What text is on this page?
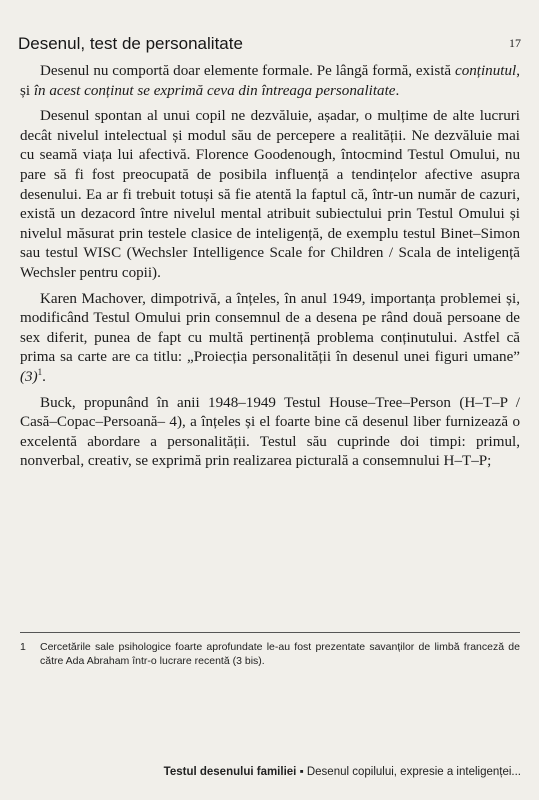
Desenul, test de personalitate	17

Desenul nu comportă doar elemente formale. Pe lângă formă, există conținutul, și în acest conținut se exprimă ceva din întreaga personalitate.

Desenul spontan al unui copil ne dezvăluie, așadar, o mulțime de alte lucruri decât nivelul intelectual și modul său de percepere a realității. Ne dezvăluie mai cu seamă viața lui afectivă. Florence Goodenough, întocmind Testul Omului, nu pare să fi fost preocupată de posibila influență a tendințelor afective asupra desenului. Ea ar fi trebuit totuși să fie atentă la faptul că, într-un număr de cazuri, există un dezacord între nivelul mental atribuit subiectului prin Testul Omului și nivelul măsurat prin testele clasice de inteligență, de exemplu testul Binet–Simon sau testul WISC (Wechsler Intelligence Scale for Children / Scala de inteligență Wechsler pentru copii).

Karen Machover, dimpotrivă, a înțeles, în anul 1949, importanța problemei și, modificând Testul Omului prin consemnul de a desena pe rând două persoane de sex diferit, punea de fapt cu multă pertinență problema conținutului. Astfel că prima sa carte are ca titlu: „Proiecția personalității în desenul unei figuri umane” $(3)^1$.

Buck, propunând în anii 1948–1949 Testul House–Tree–Person (H–T–P / Casă–Copac–Persoană– 4), a înțeles și el foarte bine că desenul liber furnizează o excelentă abordare a personalității. Testul său cuprinde doi timpi: primul, nonverbal, creativ, se exprimă prin realizarea picturală a consemnului H–T–P;

1 Cercetările sale psihologice foarte aprofundate le-au fost prezentate savanților de limbă franceză de către Ada Abraham într-o lucrare recentă (3 bis).
Testul desenului familiei ▪ Desenul copilului, expresie a inteligenței...
